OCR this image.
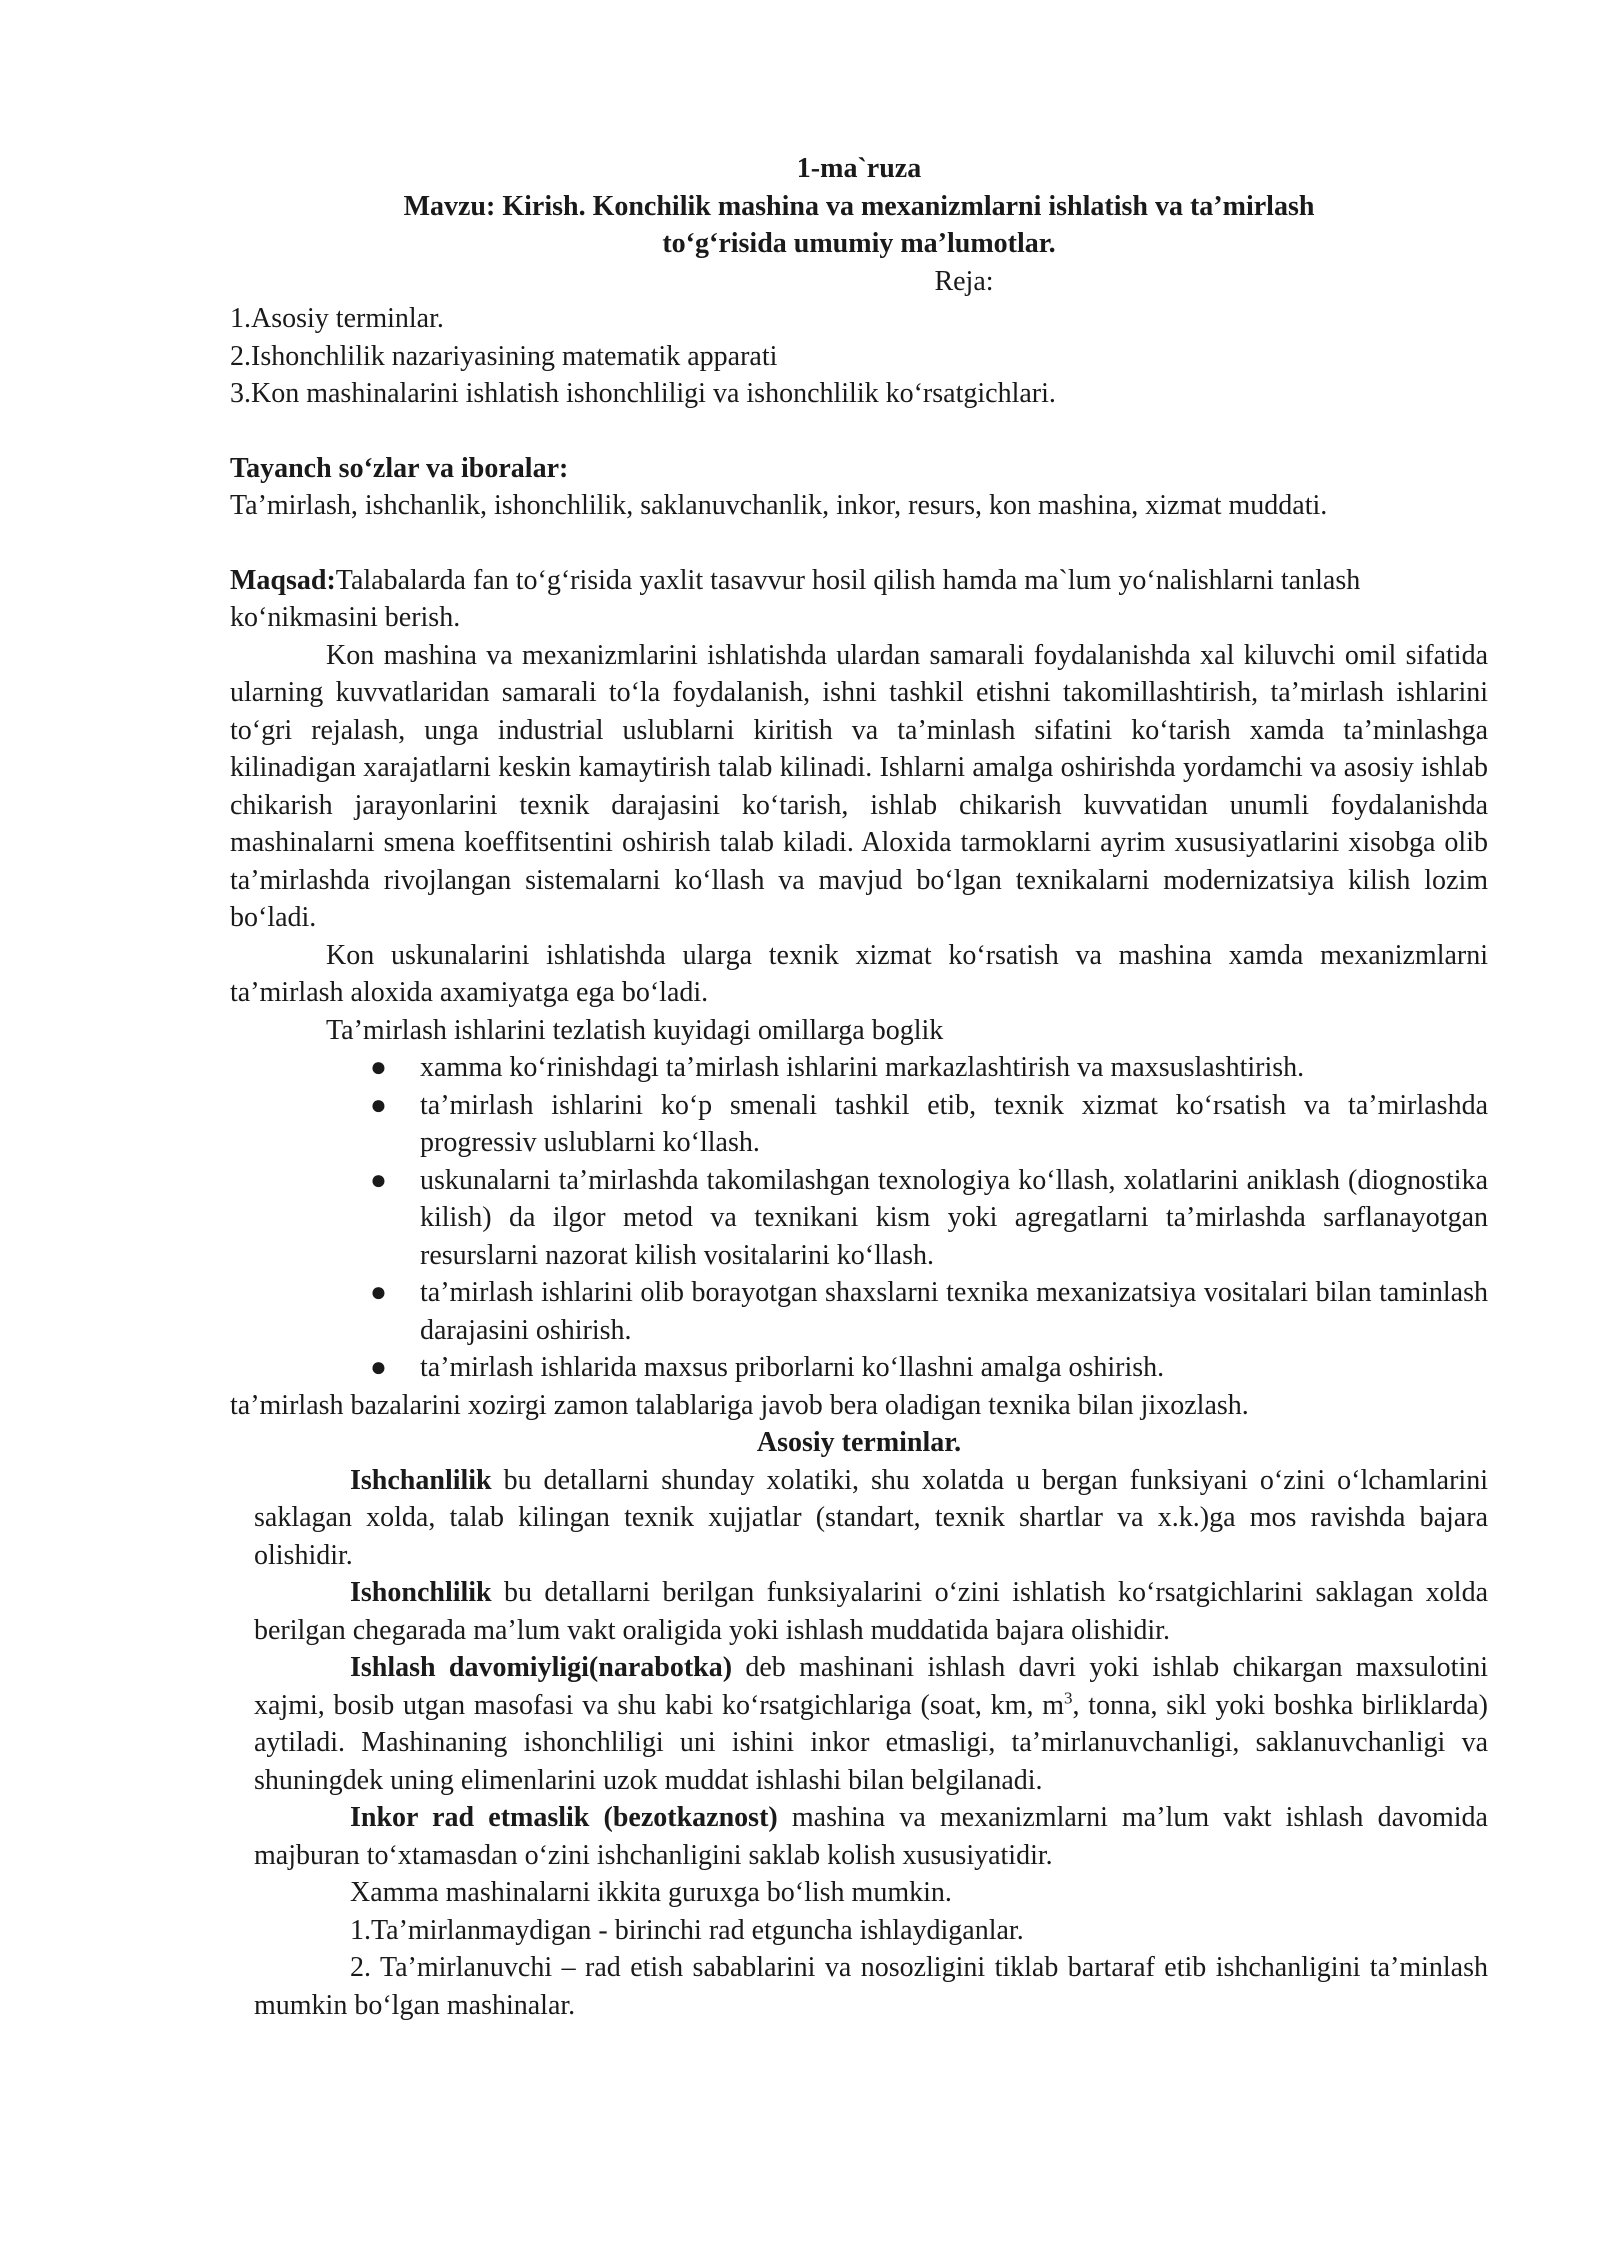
1-ma`ruza

Mavzu: Kirish. Konchilik mashina va mexanizmlarni ishlatish va ta’mirlash

to‘g‘risida umumiy ma’lumotlar.

Reja:

1.Asosiy terminlar.

2.Ishonchlilik nazariyasining matematik apparati

3.Kon mashinalarini ishlatish ishonchliligi va ishonchlilik ko‘rsatgichlari.

Tayanch so‘zlar va iboralar:

Ta’mirlash, ishchanlik, ishonchlilik, saklanuvchanlik, inkor, resurs, kon mashina, xizmat muddati.

Maqsad:Talabalarda fan to‘g‘risida yaxlit tasavvur hosil qilish hamda ma`lum yo‘nalishlarni tanlash ko‘nikmasini berish.

Kon mashina va mexanizmlarini ishlatishda ulardan samarali foydalanishda xal kiluvchi omil sifatida ularning kuvvatlaridan samarali to‘la foydalanish, ishni tashkil etishni takomillashtirish, ta’mirlash ishlarini to‘gri rejalash, unga industrial uslublarni kiritish va ta’minlash sifatini ko‘tarish xamda ta’minlashga kilinadigan xarajatlarni keskin kamaytirish talab kilinadi. Ishlarni amalga oshirishda yordamchi va asosiy ishlab chikarish jarayonlarini texnik darajasini ko‘tarish, ishlab chikarish kuvvatidan unumli foydalanishda mashinalarni smena koeffitsentini oshirish talab kiladi. Aloxida tarmoklarni ayrim xususiyatlarini xisobga olib ta’mirlashda rivojlangan sistemalarni ko‘llash va mavjud bo‘lgan texnikalarni modernizatsiya kilish lozim bo‘ladi.

Kon uskunalarini ishlatishda ularga texnik xizmat ko‘rsatish va mashina xamda mexanizmlarni ta’mirlash aloxida axamiyatga ega bo‘ladi.

Ta’mirlash ishlarini tezlatish kuyidagi omillarga boglik

● xamma ko‘rinishdagi ta’mirlash ishlarini markazlashtirish va maxsuslashtirish.
● ta’mirlash ishlarini ko‘p smenali tashkil etib, texnik xizmat ko‘rsatish va ta’mirlashda progressiv uslublarni ko‘llash.
● uskunalarni ta’mirlashda takomilashgan texnologiya ko‘llash, xolatlarini aniklash (diognostika kilish) da ilgor metod va texnikani kism yoki agregatlarni ta’mirlashda sarflanayotgan resurslarni nazorat kilish vositalarini ko‘llash.
● ta’mirlash ishlarini olib borayotgan shaxslarni texnika mexanizatsiya vositalari bilan taminlash darajasini oshirish.
● ta’mirlash ishlarida maxsus priborlarni ko‘llashni amalga oshirish.

ta’mirlash bazalarini xozirgi zamon talablariga javob bera oladigan texnika bilan jixozlash.

Asosiy terminlar.

Ishchanlilik bu detallarni shunday xolatiki, shu xolatda u bergan funksiyani o‘zini o‘lchamlarini saklagan xolda, talab kilingan texnik xujjatlar (standart, texnik shartlar va x.k.)ga mos ravishda bajara olishidir.

Ishonchlilik bu detallarni berilgan funksiyalarini o‘zini ishlatish ko‘rsatgichlarini saklagan xolda berilgan chegarada ma’lum vakt oraligida yoki ishlash muddatida bajara olishidir.

Ishlash davomiyligi(narabotka) deb mashinani ishlash davri yoki ishlab chikargan maxsulotini xajmi, bosib utgan masofasi va shu kabi ko‘rsatgichlariga (soat, km, $m^3$, tonna, sikl yoki boshka birliklarda) aytiladi. Mashinaning ishonchliligi uni ishini inkor etmasligi, ta’mirlanuvchanligi, saklanuvchanligi va shuningdek uning elimenlarini uzok muddat ishlashi bilan belgilanadi.

Inkor rad etmaslik (bezotkaznost) mashina va mexanizmlarni ma’lum vakt ishlash davomida majburan to‘xtamasdan o‘zini ishchanligini saklab kolish xususiyatidir.

Xamma mashinalarni ikkita guruxga bo‘lish mumkin.

1.Ta’mirlanmaydigan - birinchi rad etguncha ishlaydiganlar.

2. Ta’mirlanuvchi – rad etish sabablarini va nosozligini tiklab bartaraf etib ishchanligini ta’minlash mumkin bo‘lgan mashinalar.
